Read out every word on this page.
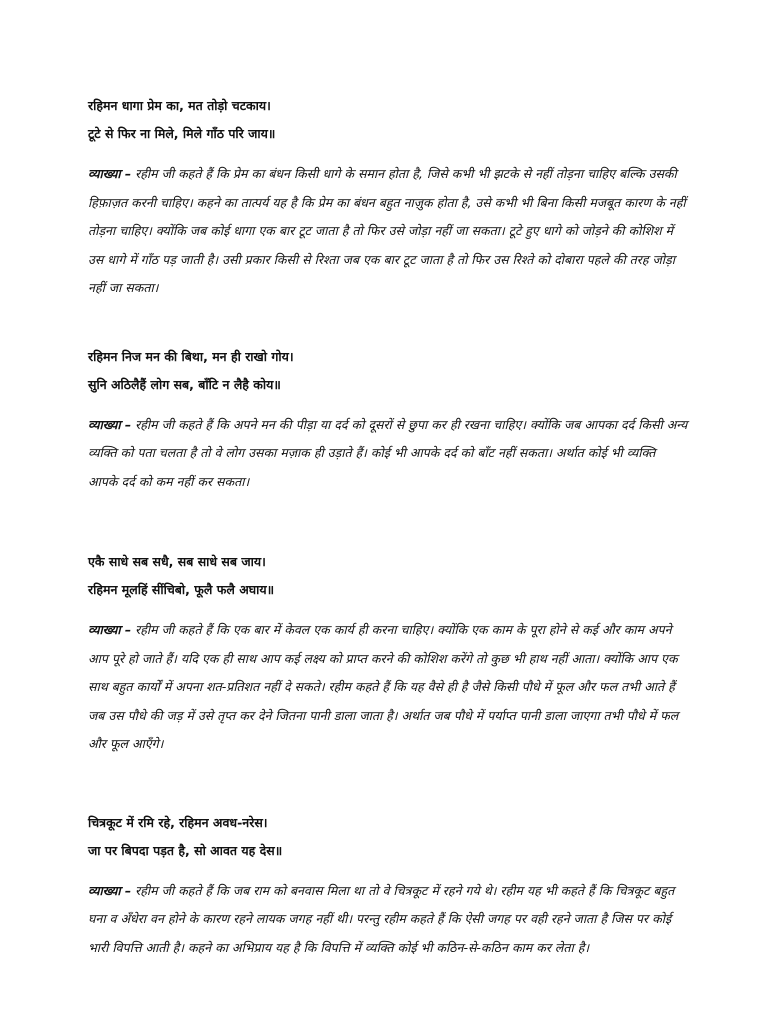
रहिमन धागा प्रेम का, मत तोड़ो चटकाय।

टूटे से फिर ना मिले, मिले गाँठ परि जाय॥

व्याख्या – रहीम जी कहते हैं कि प्रेम का बंधन किसी धागे के समान होता है, जिसे कभी भी झटके से नहीं तोड़ना चाहिए बल्कि उसकी हिफ़ाज़त करनी चाहिए। कहने का तात्पर्य यह है कि प्रेम का बंधन बहुत नाज़ुक होता है, उसे कभी भी बिना किसी मजबूत कारण के नहीं तोड़ना चाहिए। क्योंकि जब कोई धागा एक बार टूट जाता है तो फिर उसे जोड़ा नहीं जा सकता। टूटे हुए धागे को जोड़ने की कोशिश में उस धागे में गाँठ पड़ जाती है। उसी प्रकार किसी से रिश्ता जब एक बार टूट जाता है तो फिर उस रिश्ते को दोबारा पहले की तरह जोड़ा नहीं जा सकता।

रहिमन निज मन की बिथा, मन ही राखो गोय।

सुनि अठिलैहैं लोग सब, बाँटि न लैहै कोय॥

व्याख्या – रहीम जी कहते हैं कि अपने मन की पीड़ा या दर्द को दूसरों से छुपा कर ही रखना चाहिए। क्योंकि जब आपका दर्द किसी अन्य व्यक्ति को पता चलता है तो वे लोग उसका मज़ाक ही उड़ाते हैं। कोई भी आपके दर्द को बाँट नहीं सकता। अर्थात कोई भी व्यक्ति आपके दर्द को कम नहीं कर सकता।

एकै साधे सब सधै, सब साधे सब जाय।

रहिमन मूलहिं सींचिबो, फूलै फलै अघाय॥

व्याख्या – रहीम जी कहते हैं कि एक बार में केवल एक कार्य ही करना चाहिए। क्योंकि एक काम के पूरा होने से कई और काम अपने आप पूरे हो जाते हैं। यदि एक ही साथ आप कई लक्ष्य को प्राप्त करने की कोशिश करेंगे तो कुछ भी हाथ नहीं आता। क्योंकि आप एक साथ बहुत कार्यों में अपना शत-प्रतिशत नहीं दे सकते। रहीम कहते हैं कि यह वैसे ही है जैसे किसी पौधे में फूल और फल तभी आते हैं जब उस पौधे की जड़ में उसे तृप्त कर देने जितना पानी डाला जाता है। अर्थात जब पौधे में पर्याप्त पानी डाला जाएगा तभी पौधे में फल और फूल आएँगे।

चित्रकूट में रमि रहे, रहिमन अवध-नरेस।

जा पर बिपदा पड़त है, सो आवत यह देस॥

व्याख्या – रहीम जी कहते हैं कि जब राम को बनवास मिला था तो वे चित्रकूट में रहने गये थे। रहीम यह भी कहते हैं कि चित्रकूट बहुत घना व अँधेरा वन होने के कारण रहने लायक जगह नहीं थी। परन्तु रहीम कहते हैं कि ऐसी जगह पर वही रहने जाता है जिस पर कोई भारी विपत्ति आती है। कहने का अभिप्राय यह है कि विपत्ति में व्यक्ति कोई भी कठिन-से-कठिन काम कर लेता है।
